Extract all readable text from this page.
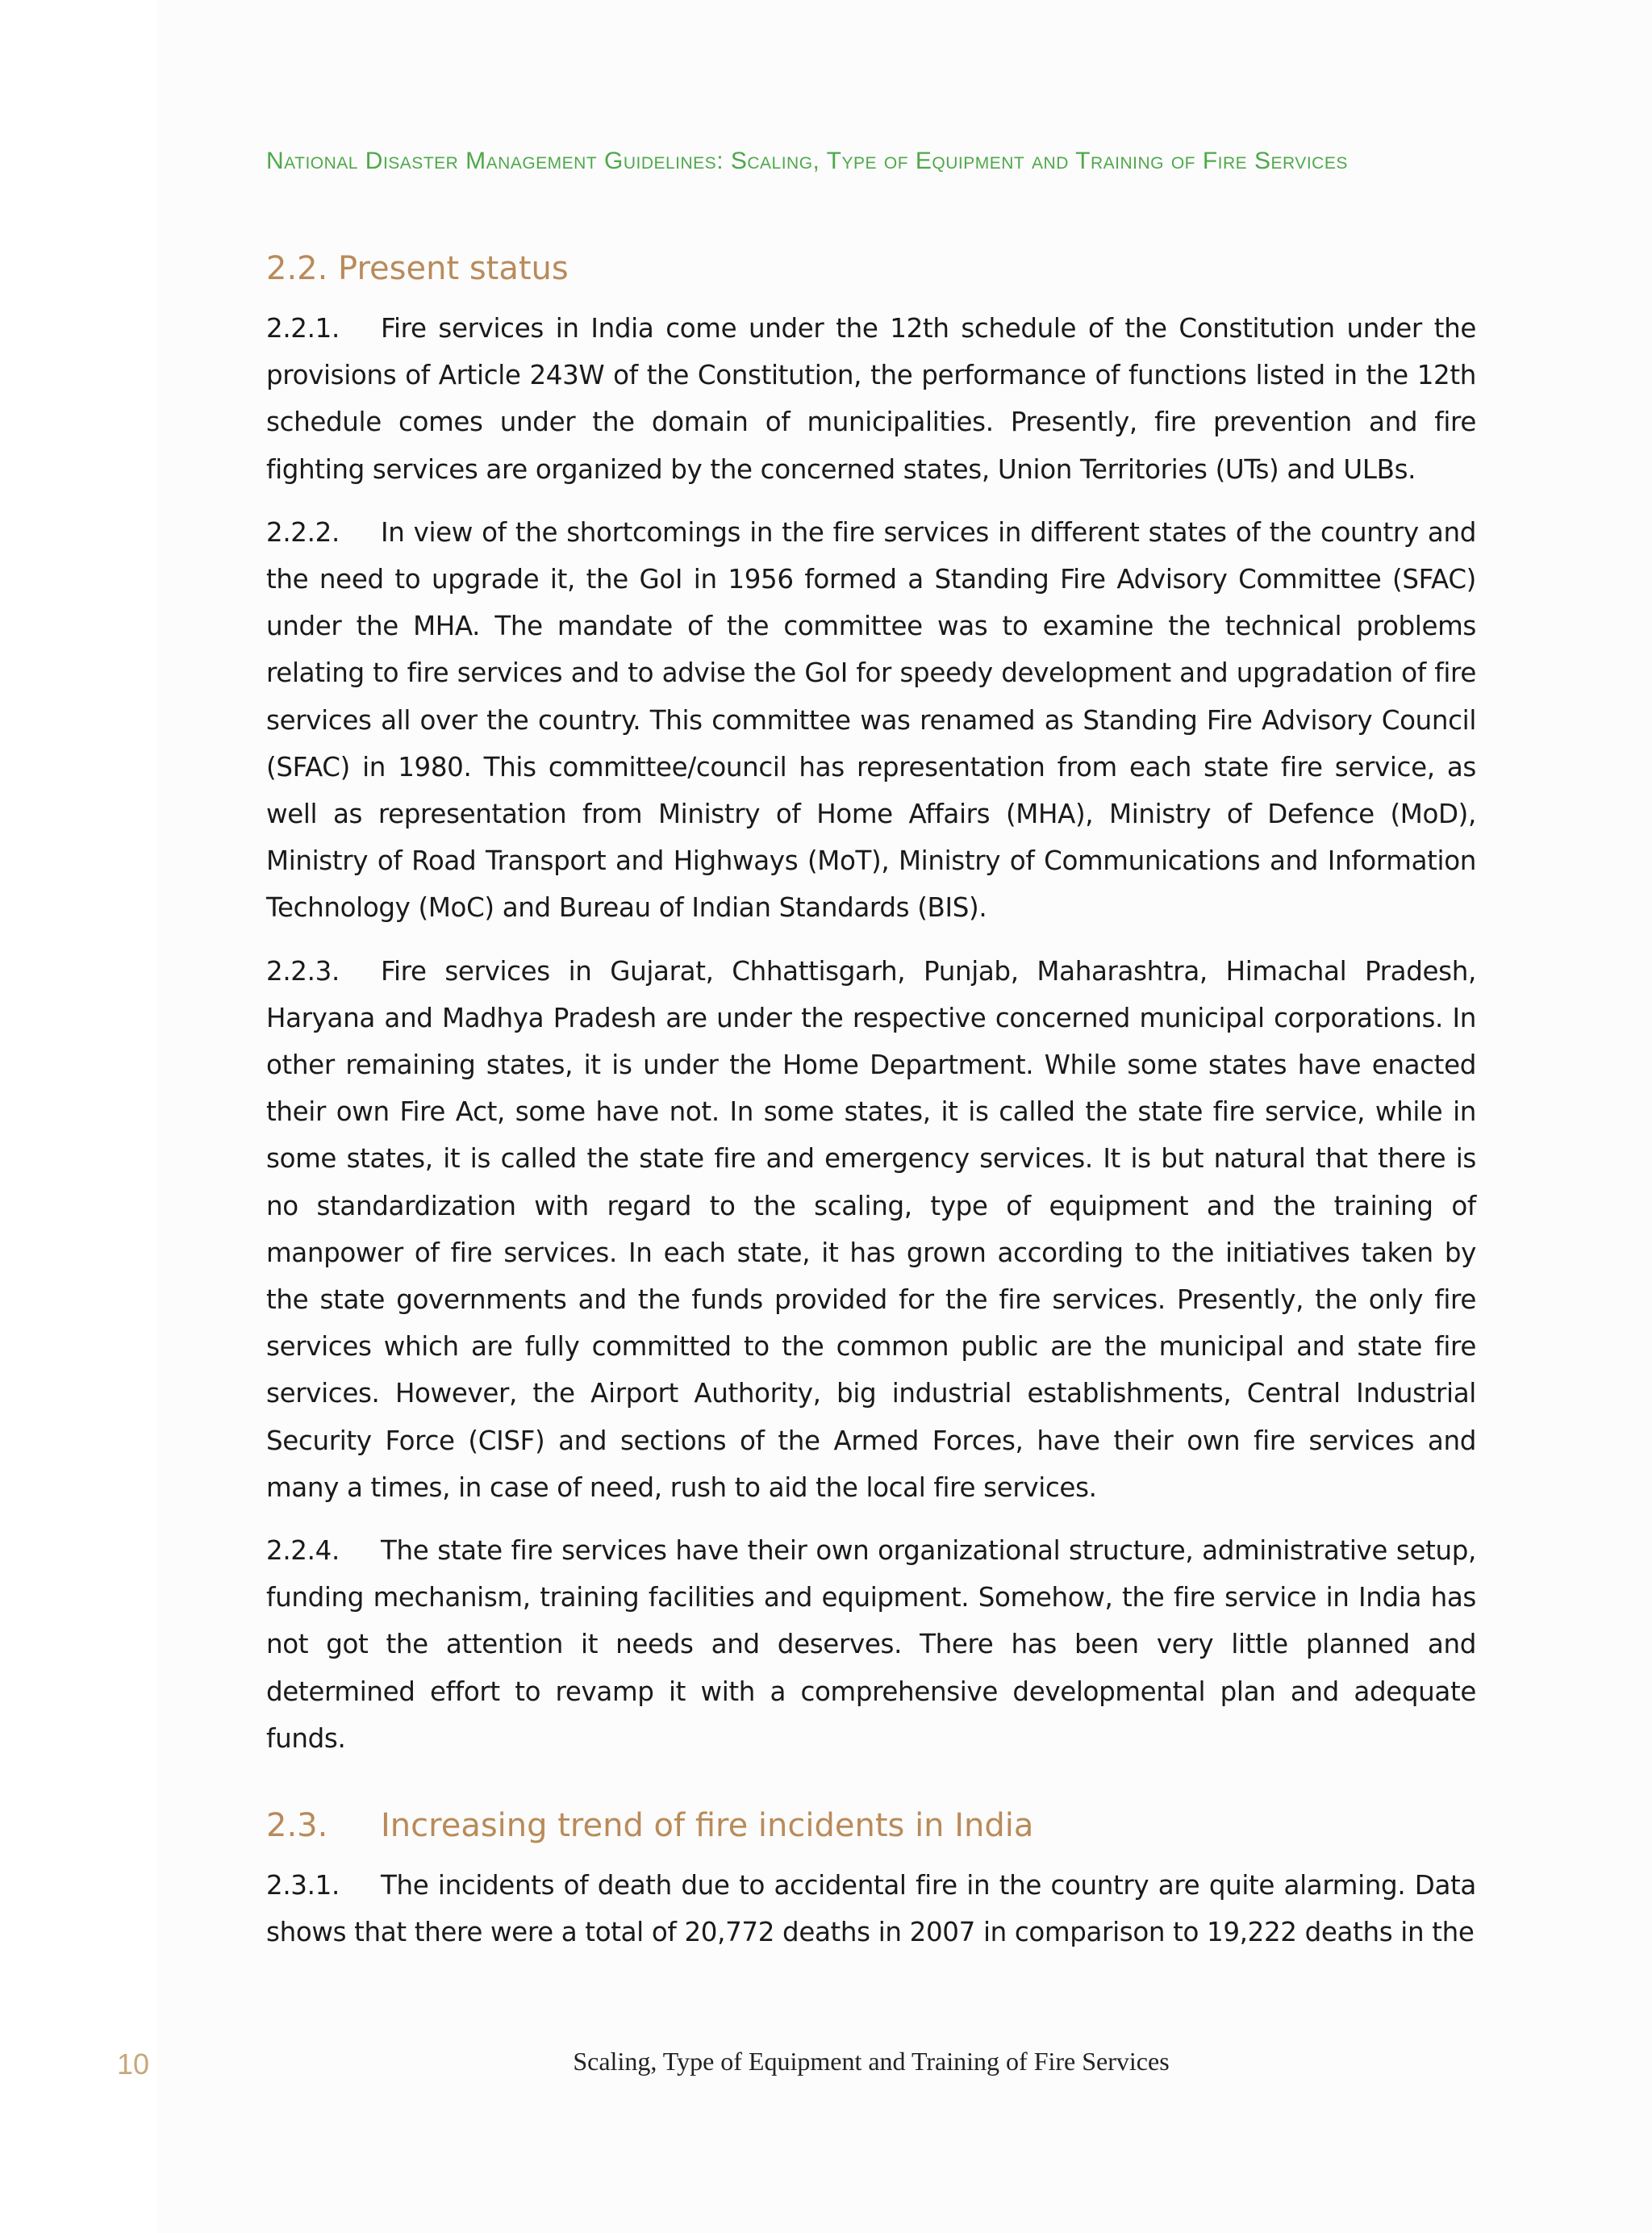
National Disaster Management Guidelines: Scaling, Type of Equipment and Training of Fire Services
2.2. Present status

2.2.1. Fire services in India come under the 12th schedule of the Constitution under the provisions of Article 243W of the Constitution, the performance of functions listed in the 12th schedule comes under the domain of municipalities. Presently, fire prevention and fire fighting services are organized by the concerned states, Union Territories (UTs) and ULBs.

2.2.2. In view of the shortcomings in the fire services in different states of the country and the need to upgrade it, the GoI in 1956 formed a Standing Fire Advisory Committee (SFAC) under the MHA. The mandate of the committee was to examine the technical problems relating to fire services and to advise the GoI for speedy development and upgradation of fire services all over the country. This committee was renamed as Standing Fire Advisory Council (SFAC) in 1980. This committee/council has representation from each state fire service, as well as representation from Ministry of Home Affairs (MHA), Ministry of Defence (MoD), Ministry of Road Transport and Highways (MoT), Ministry of Communications and Information Technology (MoC) and Bureau of Indian Standards (BIS).

2.2.3. Fire services in Gujarat, Chhattisgarh, Punjab, Maharashtra, Himachal Pradesh, Haryana and Madhya Pradesh are under the respective concerned municipal corporations. In other remaining states, it is under the Home Department. While some states have enacted their own Fire Act, some have not. In some states, it is called the state fire service, while in some states, it is called the state fire and emergency services. It is but natural that there is no standardization with regard to the scaling, type of equipment and the training of manpower of fire services. In each state, it has grown according to the initiatives taken by the state governments and the funds provided for the fire services. Presently, the only fire services which are fully committed to the common public are the municipal and state fire services. However, the Airport Authority, big industrial establishments, Central Industrial Security Force (CISF) and sections of the Armed Forces, have their own fire services and many a times, in case of need, rush to aid the local fire services.

2.2.4. The state fire services have their own organizational structure, administrative setup, funding mechanism, training facilities and equipment. Somehow, the fire service in India has not got the attention it needs and deserves. There has been very little planned and determined effort to revamp it with a comprehensive developmental plan and adequate funds.

2.3. Increasing trend of fire incidents in India

2.3.1. The incidents of death due to accidental fire in the country are quite alarming. Data shows that there were a total of 20,772 deaths in 2007 in comparison to 19,222 deaths in the

10	Scaling, Type of Equipment and Training of Fire Services
